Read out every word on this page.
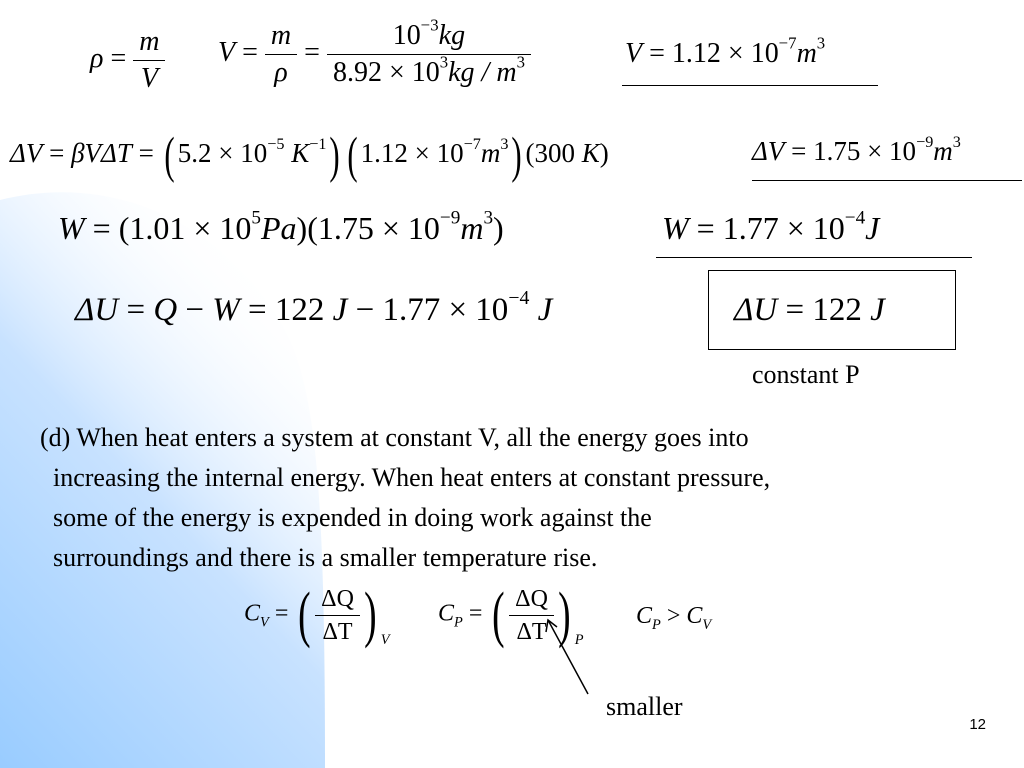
$\rho = \frac{m}{V}$ $V = \frac{m}{\rho} = \frac{10^{-3}kg}{8.92 \times 10^3kg / m^3}$	$V = 1.12 \times 10^{-7}m^3$
ΔV = βVΔT = ( $5.2 \times 10^{-5}$ $K^{-1}$) ( $1.12 \times 10^{-7}m^3$) (300 K)	$\Delta V = 1.75 \times 10^{-9}m^3$
$W = (1.01 \times 10^5Pa)(1.75 \times 10^{-9}m^3)$	$W = 1.77 \times 10^{-4}J$
ΔU = Q − W = 122 $J - 1.77 \times 10^{-4}$ J	ΔU = 122 J
constant P
(d) When heat enters a system at constant V, all the energy goes into
increasing the internal energy. When heat enters at constant pressure,
some of the energy is expended in doing work against the
surroundings and there is a smaller temperature rise.
$C_V$ = ( $\frac{\Delta Q}{\Delta T}$ ) $_V$
$C_P$ = ( $\frac{\Delta Q}{\Delta T}$ ) $_P$
$C_P > C_V$
smaller
12
